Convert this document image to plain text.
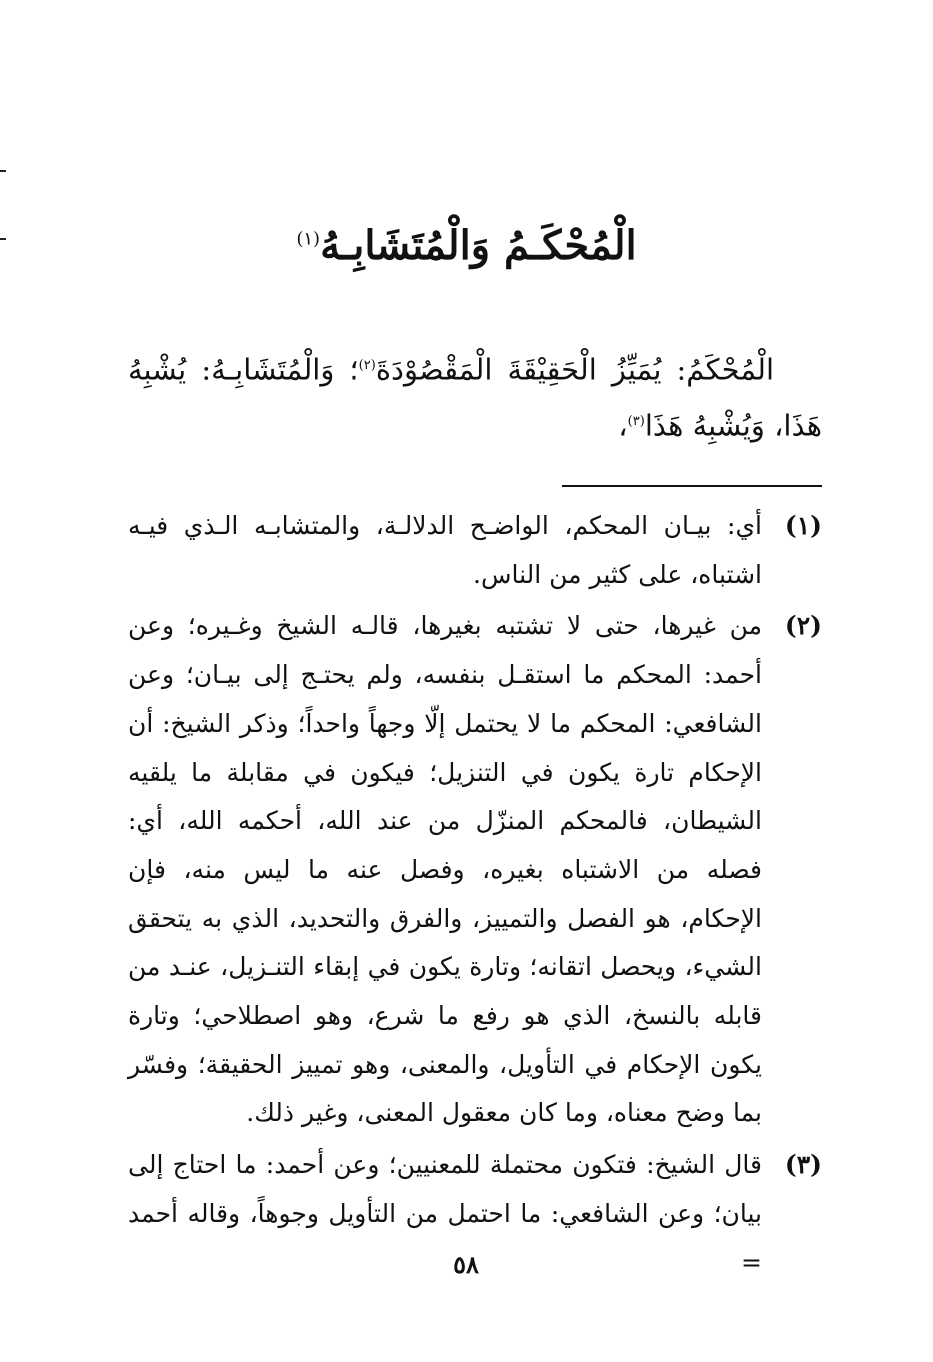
الْمُحْكَـمُ وَالْمُتَشَابِـهُ$^{(١)}$

الْمُحْكَمُ: يُمَيِّزُ الْحَقِيْقَةَ الْمَقْصُوْدَةَ$^{(٢)}$؛ وَالْمُتَشَابِـهُ: يُشْبِهُ هَذَا، وَيُشْبِهُ هَذَا$^{(٣)}$،

(١)
أي: بيـان المحكم، الواضـح الدلالـة، والمتشابـه الـذي فيـه اشتباه، على كثير من الناس.
(٢)
من غيرها، حتى لا تشتبه بغيرها، قالـه الشيخ وغـيره؛ وعن أحمد: المحكم ما استقـل بنفسه، ولم يحتـج إلى بيـان؛ وعن الشافعي: المحكم ما لا يحتمل إلّا وجهاً واحداً؛ وذكر الشيخ: أن الإحكام تارة يكون في التنزيل؛ فيكون في مقابلة ما يلقيه الشيطان، فالمحكم المنزّل من عند الله، أحكمه الله، أي: فصله من الاشتباه بغيره، وفصل عنه ما ليس منه، فإن الإحكام، هو الفصل والتمييز، والفرق والتحديد، الذي به يتحقق الشيء، ويحصل اتقانه؛ وتارة يكون في إبقاء التنـزيل، عنـد من قابله بالنسخ، الذي هو رفع ما شرع، وهو اصطلاحي؛ وتارة يكون الإحكام في التأويل، والمعنى، وهو تمييز الحقيقة؛ وفسّر بما وضح معناه، وما كان معقول المعنى، وغير ذلك.
(٣)
قال الشيخ: فتكون محتملة للمعنيين؛ وعن أحمد: ما احتاج إلى بيان؛ وعن الشافعي: ما احتمل من التأويل وجوهاً، وقاله أحمد =
٥٨
